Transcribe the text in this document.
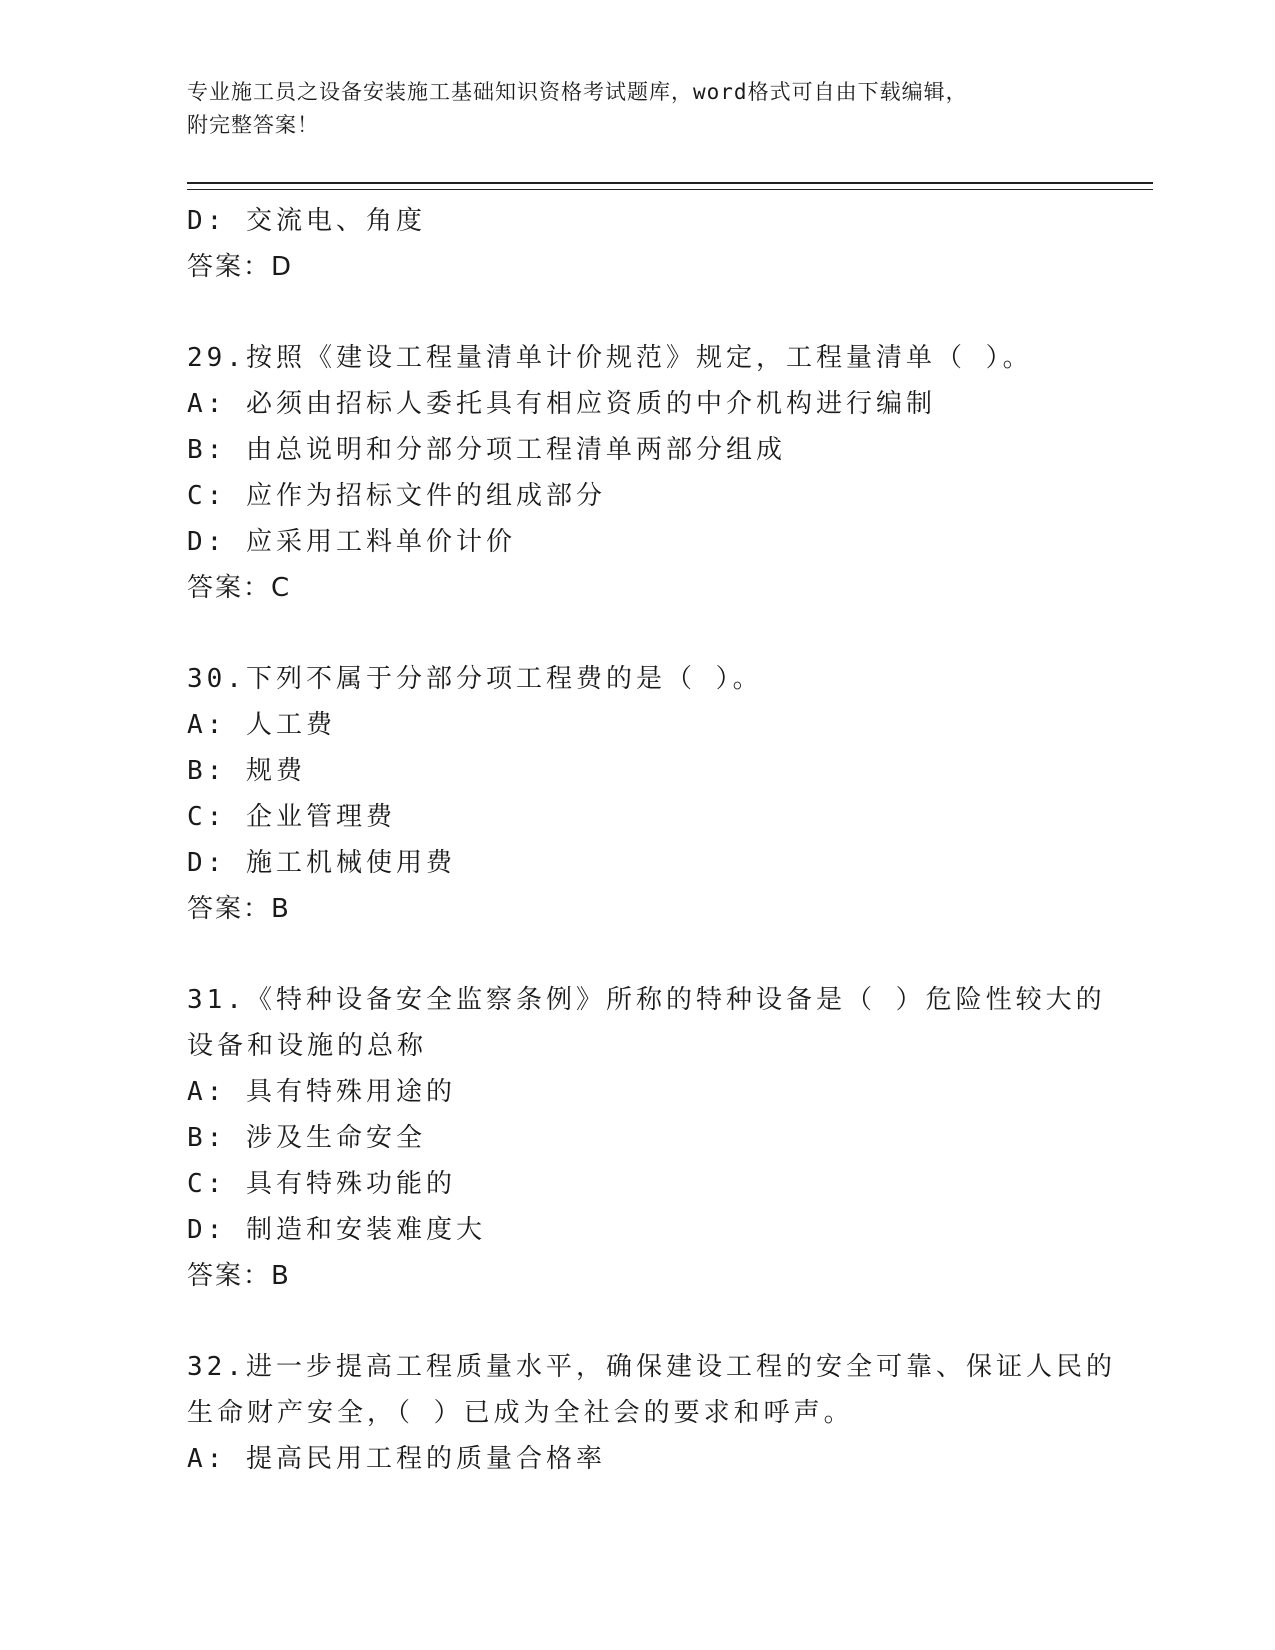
专业施工员之设备安装施工基础知识资格考试题库，word格式可自由下载编辑，
附完整答案！
D: 交流电、角度
答案：D
29.按照《建设工程量清单计价规范》规定，工程量清单（ ）。
A: 必须由招标人委托具有相应资质的中介机构进行编制
B: 由总说明和分部分项工程清单两部分组成
C: 应作为招标文件的组成部分
D: 应采用工料单价计价
答案：C
30.下列不属于分部分项工程费的是（ ）。
A: 人工费
B: 规费
C: 企业管理费
D: 施工机械使用费
答案：B
31.《特种设备安全监察条例》所称的特种设备是（ ）危险性较大的
设备和设施的总称
A: 具有特殊用途的
B: 涉及生命安全
C: 具有特殊功能的
D: 制造和安装难度大
答案：B
32.进一步提高工程质量水平，确保建设工程的安全可靠、保证人民的
生命财产安全，（ ）已成为全社会的要求和呼声。
A: 提高民用工程的质量合格率
